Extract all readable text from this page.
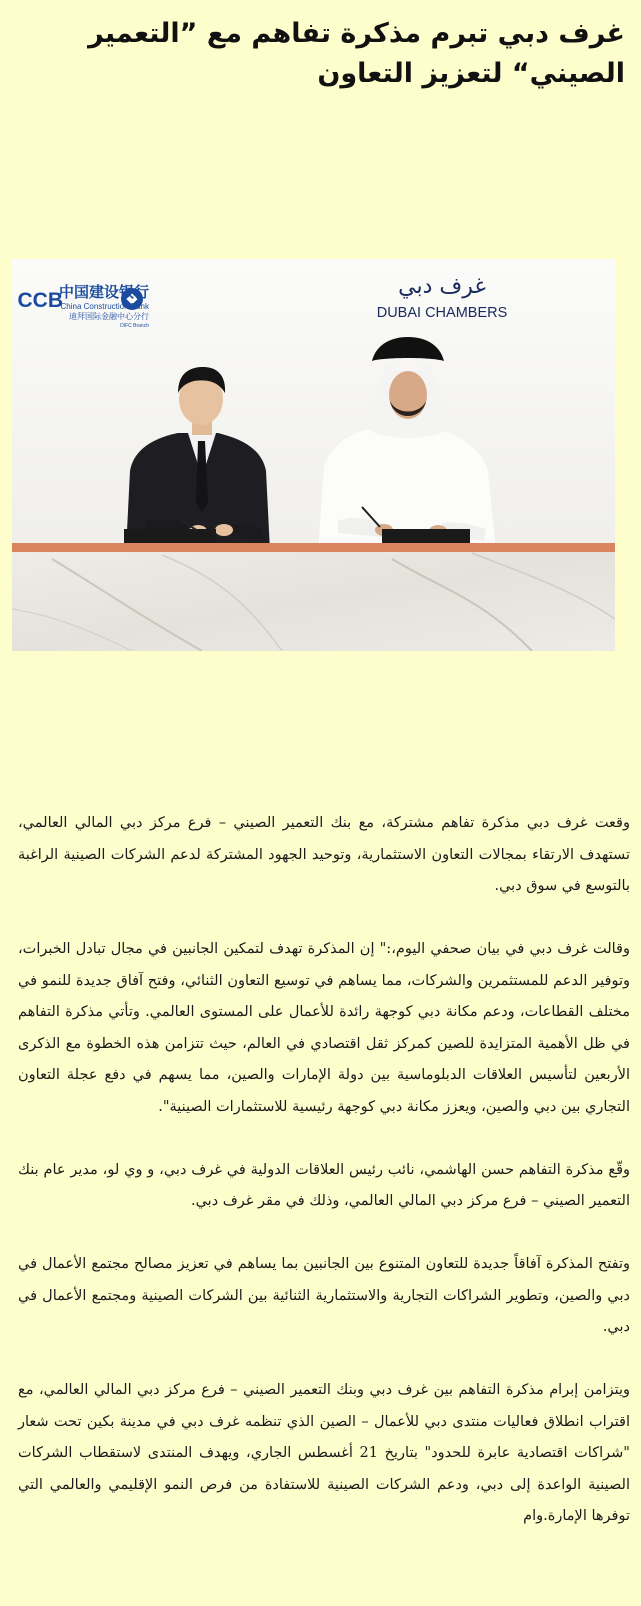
غرف دبي تبرم مذكرة تفاهم مع ”التعمير الصيني“ لتعزيز التعاون
CCB
中国建设银行
China Construction Bank
迪拜国际金融中心分行
DIFC Branch
غرف دبي
DUBAI CHAMBERS

وقعت غرف دبي مذكرة تفاهم مشتركة، مع بنك التعمير الصيني – فرع مركز دبي المالي العالمي، تستهدف الارتقاء بمجالات التعاون الاستثمارية، وتوحيد الجهود المشتركة لدعم الشركات الصينية الراغبة بالتوسع في سوق دبي.

وقالت غرف دبي في بيان صحفي اليوم،:" إن المذكرة تهدف لتمكين الجانبين في مجال تبادل الخبرات، وتوفير الدعم للمستثمرين والشركات، مما يساهم في توسيع التعاون الثنائي، وفتح آفاق جديدة للنمو في مختلف القطاعات، ودعم مكانة دبي كوجهة رائدة للأعمال على المستوى العالمي. وتأتي مذكرة التفاهم في ظل الأهمية المتزايدة للصين كمركز ثقل اقتصادي في العالم، حيث تتزامن هذه الخطوة مع الذكرى الأربعين لتأسيس العلاقات الدبلوماسية بين دولة الإمارات والصين، مما يسهم في دفع عجلة التعاون التجاري بين دبي والصين، ويعزز مكانة دبي كوجهة رئيسية للاستثمارات الصينية".

وقّع مذكرة التفاهم حسن الهاشمي، نائب رئيس العلاقات الدولية في غرف دبي، و وي لو، مدير عام بنك التعمير الصيني – فرع مركز دبي المالي العالمي، وذلك في مقر غرف دبي.

وتفتح المذكرة آفاقاً جديدة للتعاون المتنوع بين الجانبين بما يساهم في تعزيز مصالح مجتمع الأعمال في دبي والصين، وتطوير الشراكات التجارية والاستثمارية الثنائية بين الشركات الصينية ومجتمع الأعمال في دبي.

ويتزامن إبرام مذكرة التفاهم بين غرف دبي وبنك التعمير الصيني – فرع مركز دبي المالي العالمي، مع اقتراب انطلاق فعاليات منتدى دبي للأعمال – الصين الذي تنظمه غرف دبي في مدينة بكين تحت شعار "شراكات اقتصادية عابرة للحدود" بتاريخ 21 أغسطس الجاري، ويهدف المنتدى لاستقطاب الشركات الصينية الواعدة إلى دبي، ودعم الشركات الصينية للاستفادة من فرص النمو الإقليمي والعالمي التي توفرها الإمارة.وام
